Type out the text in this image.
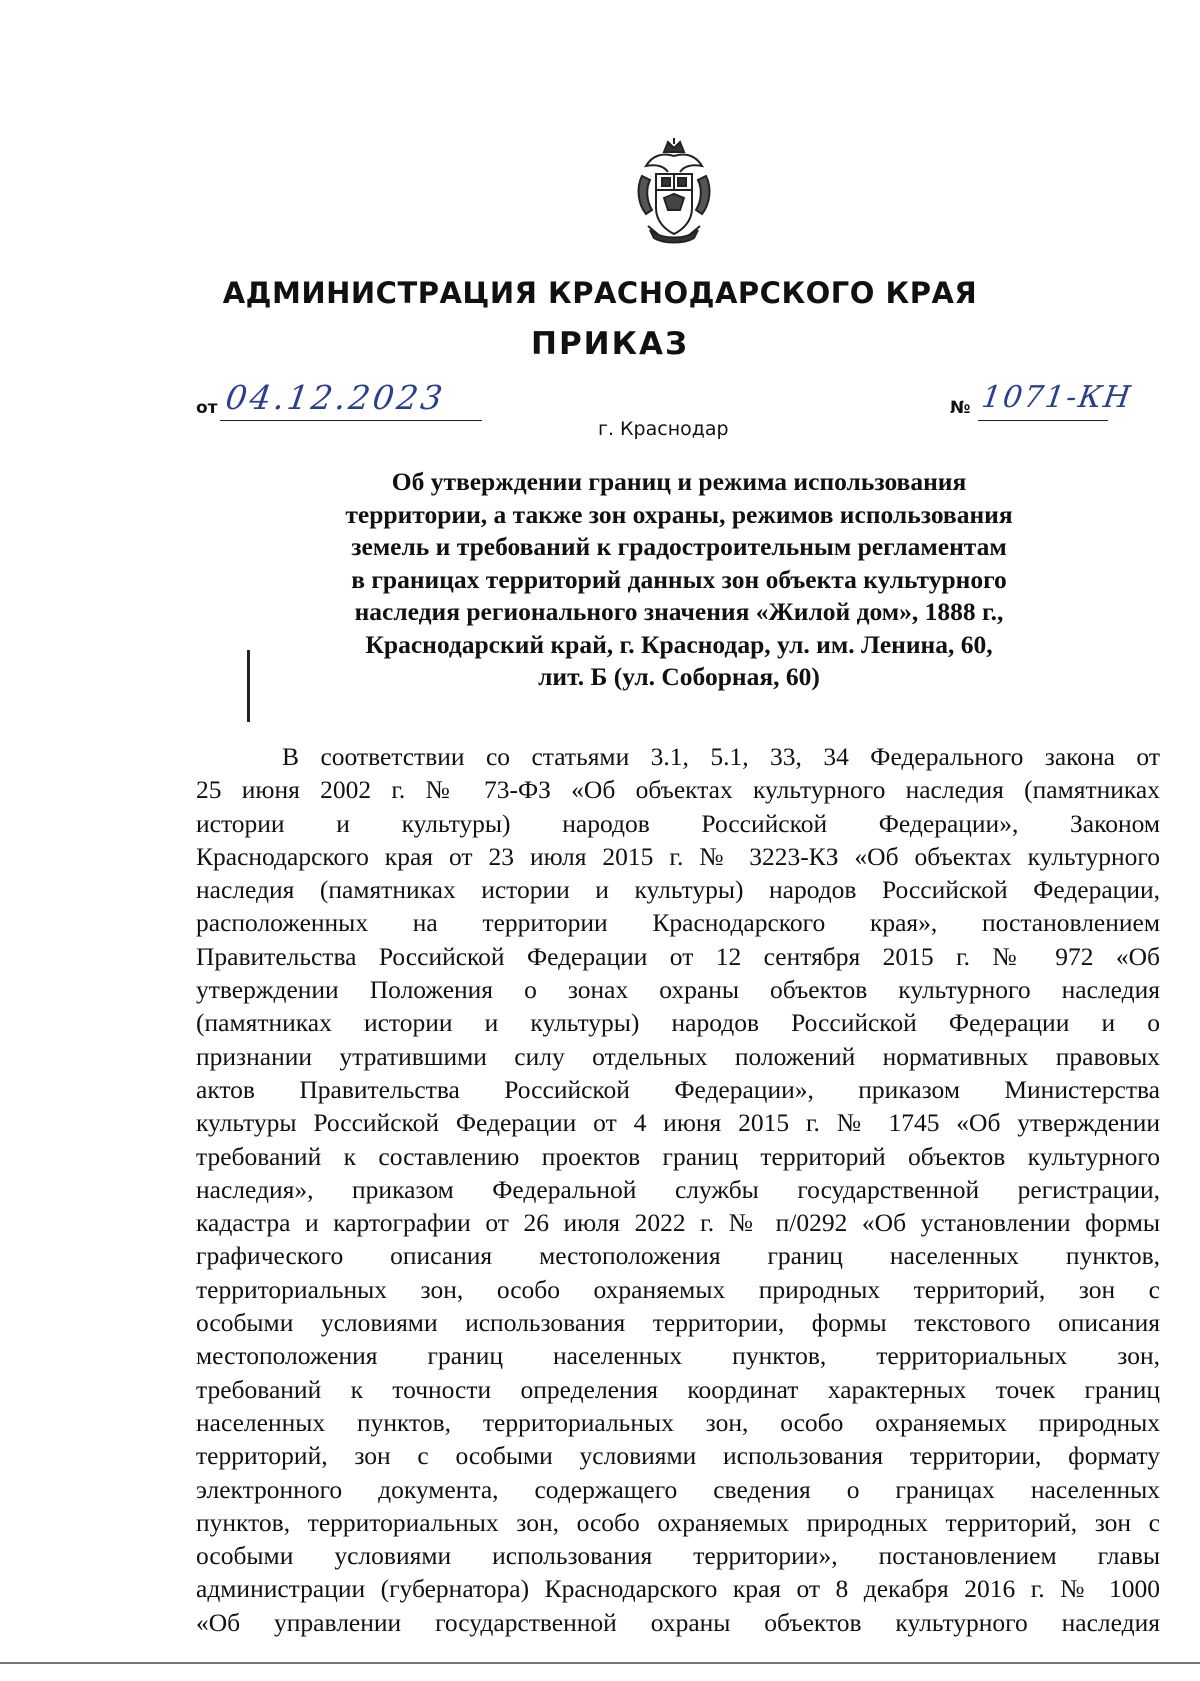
АДМИНИСТРАЦИЯ КРАСНОДАРСКОГО КРАЯ
ПРИКАЗ
от 04.12.2023
г. Краснодар
№ 1071-КН
Об утверждении границ и режима использования
территории, а также зон охраны, режимов использования
земель и требований к градостроительным регламентам
в границах территорий данных зон объекта культурного
наследия регионального значения «Жилой дом», 1888 г.,
Краснодарский край, г. Краснодар, ул. им. Ленина, 60,
лит. Б (ул. Соборная, 60)
В соответствии со статьями 3.1, 5.1, 33, 34 Федерального закона от
25 июня 2002 г. № 73-ФЗ «Об объектах культурного наследия (памятниках
истории и культуры) народов Российской Федерации», Законом
Краснодарского края от 23 июля 2015 г. № 3223-КЗ «Об объектах культурного
наследия (памятниках истории и культуры) народов Российской Федерации,
расположенных на территории Краснодарского края», постановлением
Правительства Российской Федерации от 12 сентября 2015 г. № 972 «Об
утверждении Положения о зонах охраны объектов культурного наследия
(памятниках истории и культуры) народов Российской Федерации и о
признании утратившими силу отдельных положений нормативных правовых
актов Правительства Российской Федерации», приказом Министерства
культуры Российской Федерации от 4 июня 2015 г. № 1745 «Об утверждении
требований к составлению проектов границ территорий объектов культурного
наследия», приказом Федеральной службы государственной регистрации,
кадастра и картографии от 26 июля 2022 г. № п/0292 «Об установлении формы
графического описания местоположения границ населенных пунктов,
территориальных зон, особо охраняемых природных территорий, зон с
особыми условиями использования территории, формы текстового описания
местоположения границ населенных пунктов, территориальных зон,
требований к точности определения координат характерных точек границ
населенных пунктов, территориальных зон, особо охраняемых природных
территорий, зон с особыми условиями использования территории, формату
электронного документа, содержащего сведения о границах населенных
пунктов, территориальных зон, особо охраняемых природных территорий, зон с
особыми условиями использования территории», постановлением главы
администрации (губернатора) Краснодарского края от 8 декабря 2016 г. № 1000
«Об управлении государственной охраны объектов культурного наследия
